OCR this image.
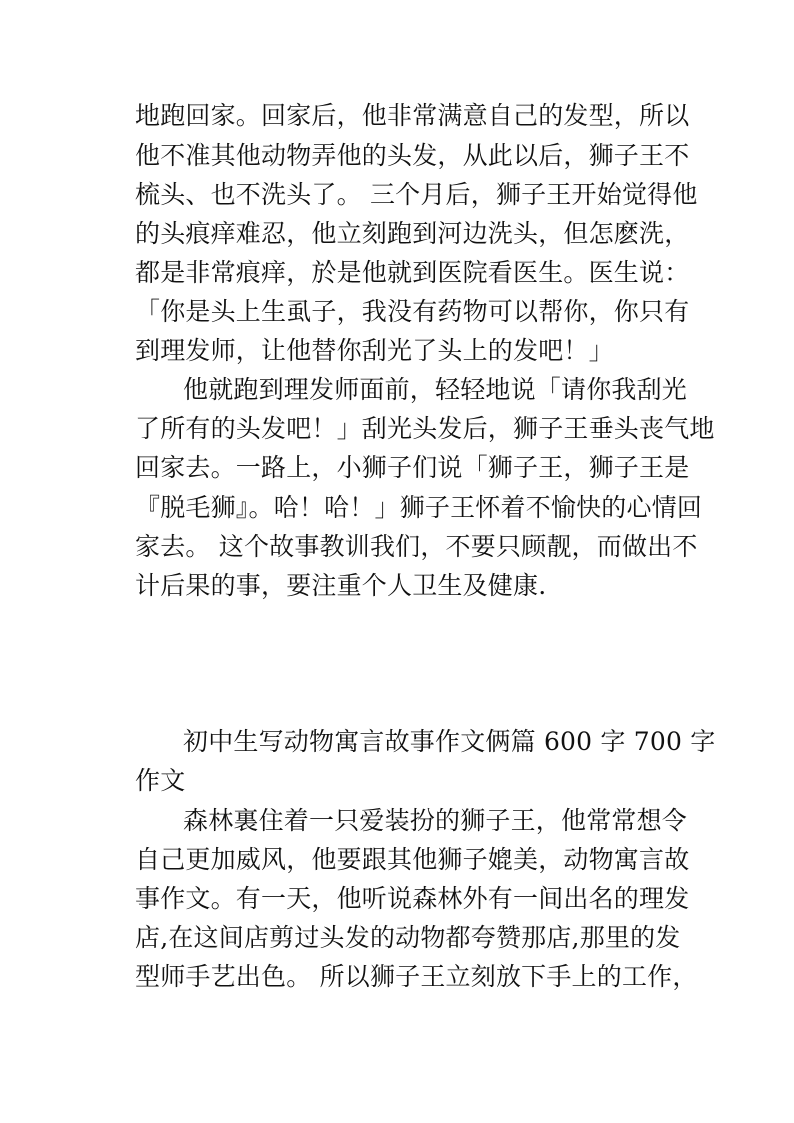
地跑回家。回家后，他非常满意自己的发型，所以
他不准其他动物弄他的头发，从此以后，狮子王不
梳头、也不洗头了。 三个月后，狮子王开始觉得他
的头痕痒难忍，他立刻跑到河边洗头，但怎麽洗，
都是非常痕痒，於是他就到医院看医生。医生说：
「你是头上生虱子，我没有药物可以帮你，你只有
到理发师，让他替你刮光了头上的发吧！」
他就跑到理发师面前，轻轻地说「请你我刮光
了所有的头发吧！」刮光头发后，狮子王垂头丧气地
回家去。一路上，小狮子们说「狮子王，狮子王是
『脱毛狮』。哈！哈！」狮子王怀着不愉快的心情回
家去。 这个故事教训我们，不要只顾靓，而做出不
计后果的事，要注重个人卫生及健康.
初中生写动物寓言故事作文俩篇 600 字 700 字
作文
森林裏住着一只爱装扮的狮子王，他常常想令
自己更加威风，他要跟其他狮子媲美，动物寓言故
事作文。有一天，他听说森林外有一间出名的理发
店,在这间店剪过头发的动物都夸赞那店,那里的发
型师手艺出色。 所以狮子王立刻放下手上的工作，
